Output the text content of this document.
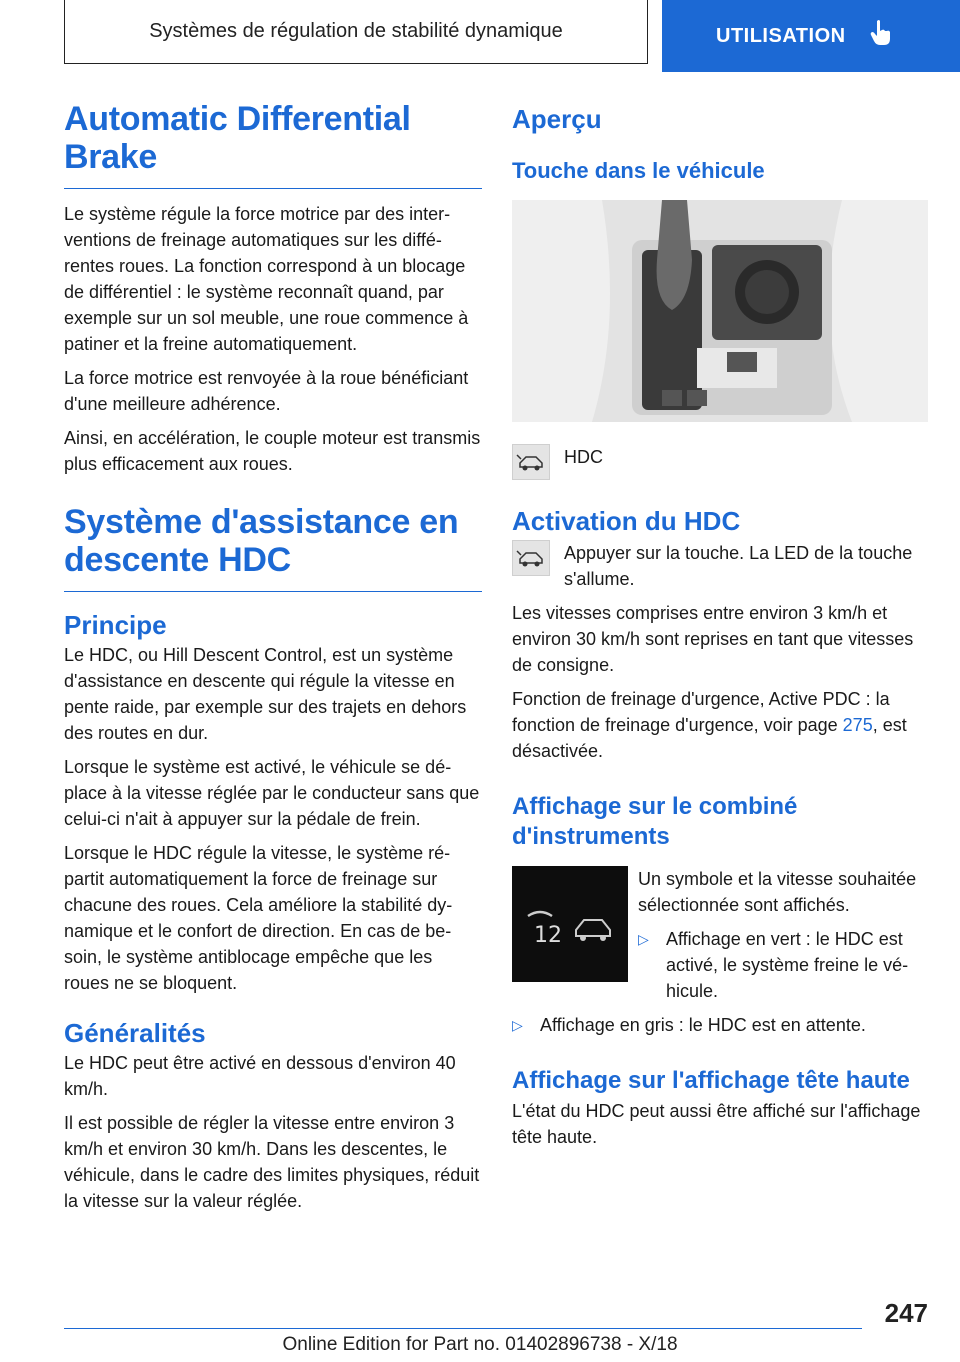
Systèmes de régulation de stabilité dynamique	UTILISATION
Automatic Differential Brake

Le système régule la force motrice par des interventions de freinage automatiques sur les différentes roues. La fonction correspond à un blocage de différentiel : le système reconnaît quand, par exemple sur un sol meuble, une roue commence à patiner et la freine automatiquement.

La force motrice est renvoyée à la roue bénéficiant d'une meilleure adhérence.

Ainsi, en accélération, le couple moteur est transmis plus efficacement aux roues.

Système d'assistance en descente HDC
Principe

Le HDC, ou Hill Descent Control, est un système d'assistance en descente qui régule la vitesse en pente raide, par exemple sur des trajets en dehors des routes en dur.

Lorsque le système est activé, le véhicule se déplace à la vitesse réglée par le conducteur sans que celui-ci n'ait à appuyer sur la pédale de frein.

Lorsque le HDC régule la vitesse, le système répartit automatiquement la force de freinage sur chacune des roues. Cela améliore la stabilité dynamique et le confort de direction. En cas de besoin, le système antiblocage empêche que les roues ne se bloquent.

Généralités

Le HDC peut être activé en dessous d'environ 40 km/h.

Il est possible de régler la vitesse entre environ 3 km/h et environ 30 km/h. Dans les descentes, le véhicule, dans le cadre des limites physiques, réduit la vitesse sur la valeur réglée.

Aperçu
Touche dans le véhicule
HDC
Activation du HDC

Appuyer sur la touche. La LED de la touche s'allume.

Les vitesses comprises entre environ 3 km/h et environ 30 km/h sont reprises en tant que vitesses de consigne.

Fonction de freinage d'urgence, Active PDC : la fonction de freinage d'urgence, voir page 275, est désactivée.

Affichage sur le combiné d'instruments
12

Un symbole et la vitesse souhaitée sélectionnée sont affichés.

▷ Affichage en vert : le HDC est activé, le système freine le véhicule.
▷ Affichage en gris : le HDC est en attente.
Affichage sur l'affichage tête haute

L'état du HDC peut aussi être affiché sur l'affichage tête haute.

247
Online Edition for Part no. 01402896738 - X/18
